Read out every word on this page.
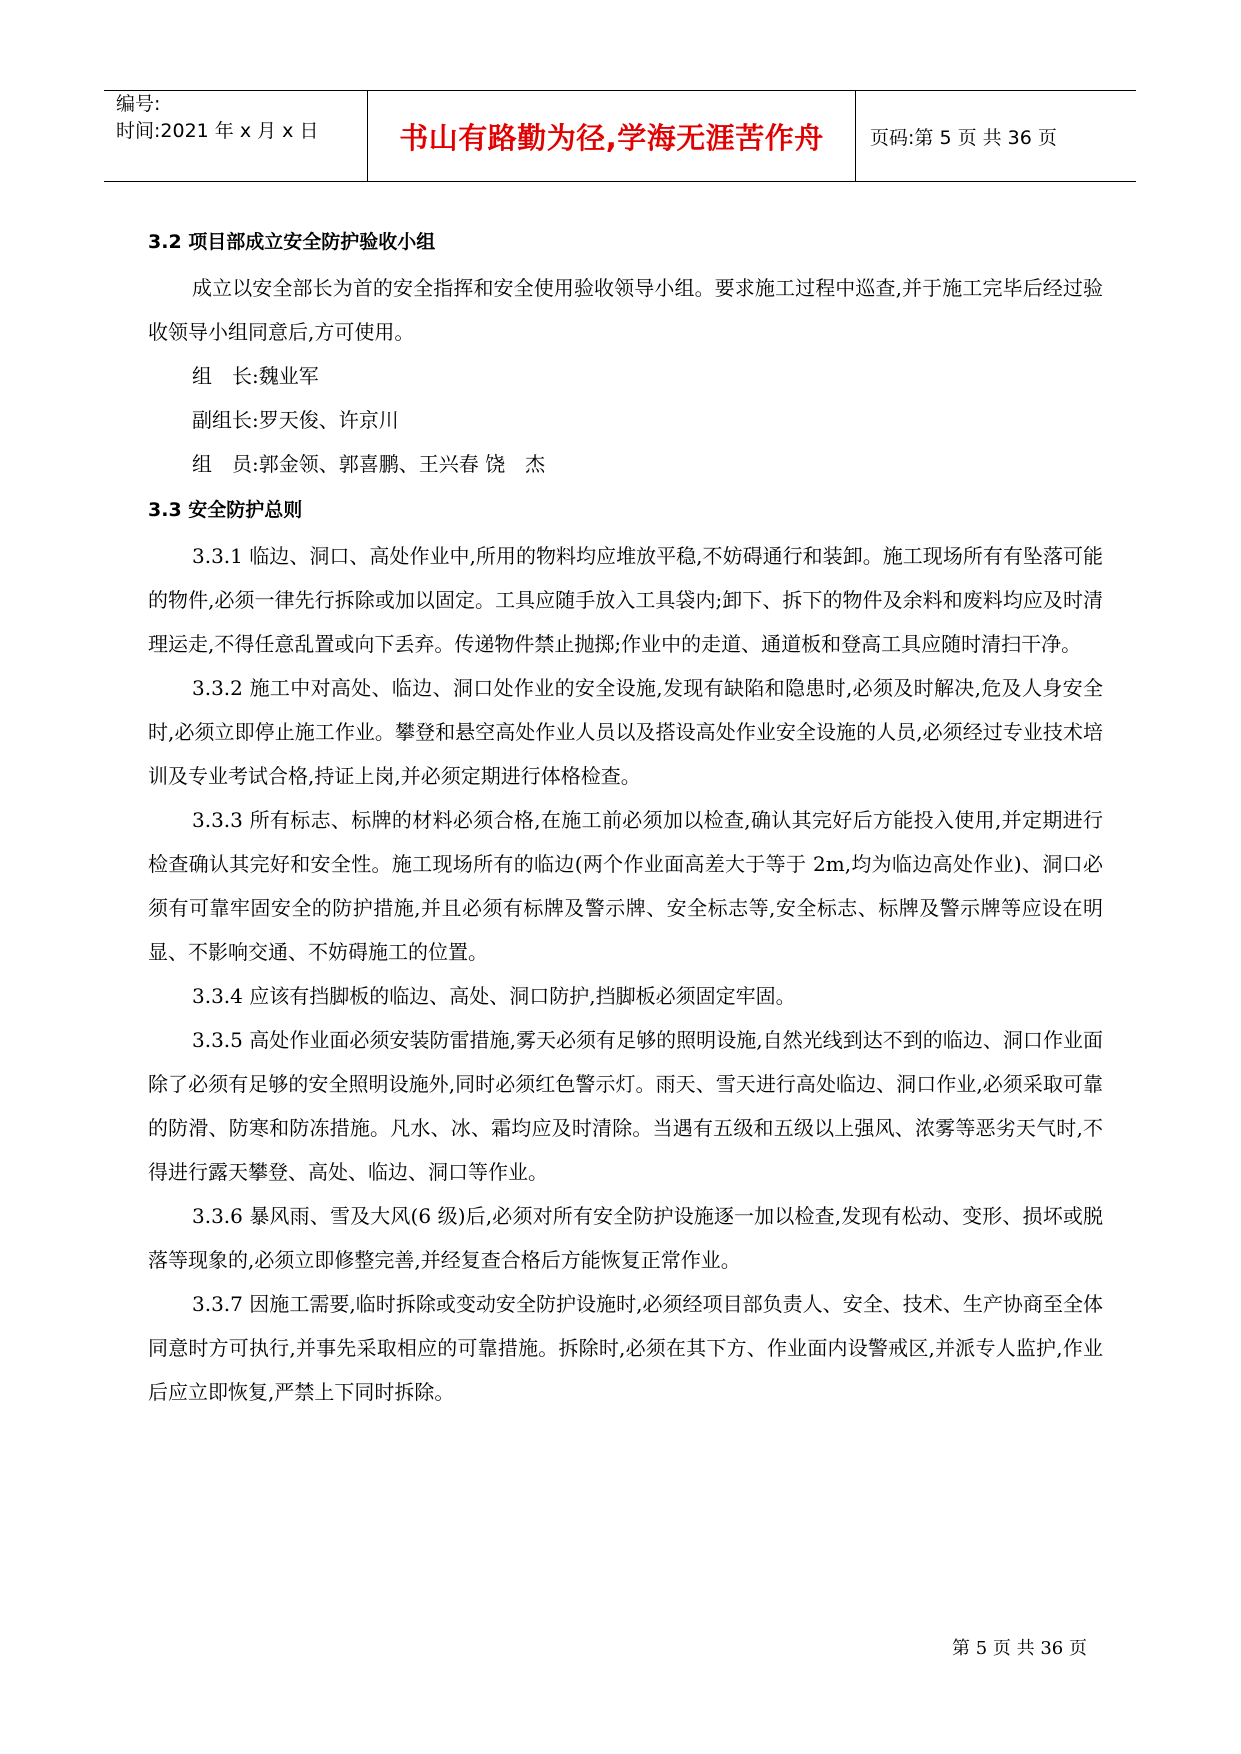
编号:
时间:2021 年 x 月 x 日	书山有路勤为径,学海无涯苦作舟	页码:第 5 页 共 36 页

3.2 项目部成立安全防护验收小组

成立以安全部长为首的安全指挥和安全使用验收领导小组。要求施工过程中巡查,并于施工完毕后经过验收领导小组同意后,方可使用。

组　长:魏业军

副组长:罗天俊、许京川

组　员:郭金领、郭喜鹏、王兴春 饶　杰

3.3 安全防护总则

3.3.1 临边、洞口、高处作业中,所用的物料均应堆放平稳,不妨碍通行和装卸。施工现场所有有坠落可能的物件,必须一律先行拆除或加以固定。工具应随手放入工具袋内;卸下、拆下的物件及余料和废料均应及时清理运走,不得任意乱置或向下丢弃。传递物件禁止抛掷;作业中的走道、通道板和登高工具应随时清扫干净。

3.3.2 施工中对高处、临边、洞口处作业的安全设施,发现有缺陷和隐患时,必须及时解决,危及人身安全时,必须立即停止施工作业。攀登和悬空高处作业人员以及搭设高处作业安全设施的人员,必须经过专业技术培训及专业考试合格,持证上岗,并必须定期进行体格检查。

3.3.3 所有标志、标牌的材料必须合格,在施工前必须加以检查,确认其完好后方能投入使用,并定期进行检查确认其完好和安全性。施工现场所有的临边(两个作业面高差大于等于 2m,均为临边高处作业)、洞口必须有可靠牢固安全的防护措施,并且必须有标牌及警示牌、安全标志等,安全标志、标牌及警示牌等应设在明显、不影响交通、不妨碍施工的位置。

3.3.4 应该有挡脚板的临边、高处、洞口防护,挡脚板必须固定牢固。

3.3.5 高处作业面必须安装防雷措施,雾天必须有足够的照明设施,自然光线到达不到的临边、洞口作业面除了必须有足够的安全照明设施外,同时必须红色警示灯。雨天、雪天进行高处临边、洞口作业,必须采取可靠的防滑、防寒和防冻措施。凡水、冰、霜均应及时清除。当遇有五级和五级以上强风、浓雾等恶劣天气时,不得进行露天攀登、高处、临边、洞口等作业。

3.3.6 暴风雨、雪及大风(6 级)后,必须对所有安全防护设施逐一加以检查,发现有松动、变形、损坏或脱落等现象的,必须立即修整完善,并经复查合格后方能恢复正常作业。

3.3.7 因施工需要,临时拆除或变动安全防护设施时,必须经项目部负责人、安全、技术、生产协商至全体同意时方可执行,并事先采取相应的可靠措施。拆除时,必须在其下方、作业面内设警戒区,并派专人监护,作业后应立即恢复,严禁上下同时拆除。

第 5 页 共 36 页
